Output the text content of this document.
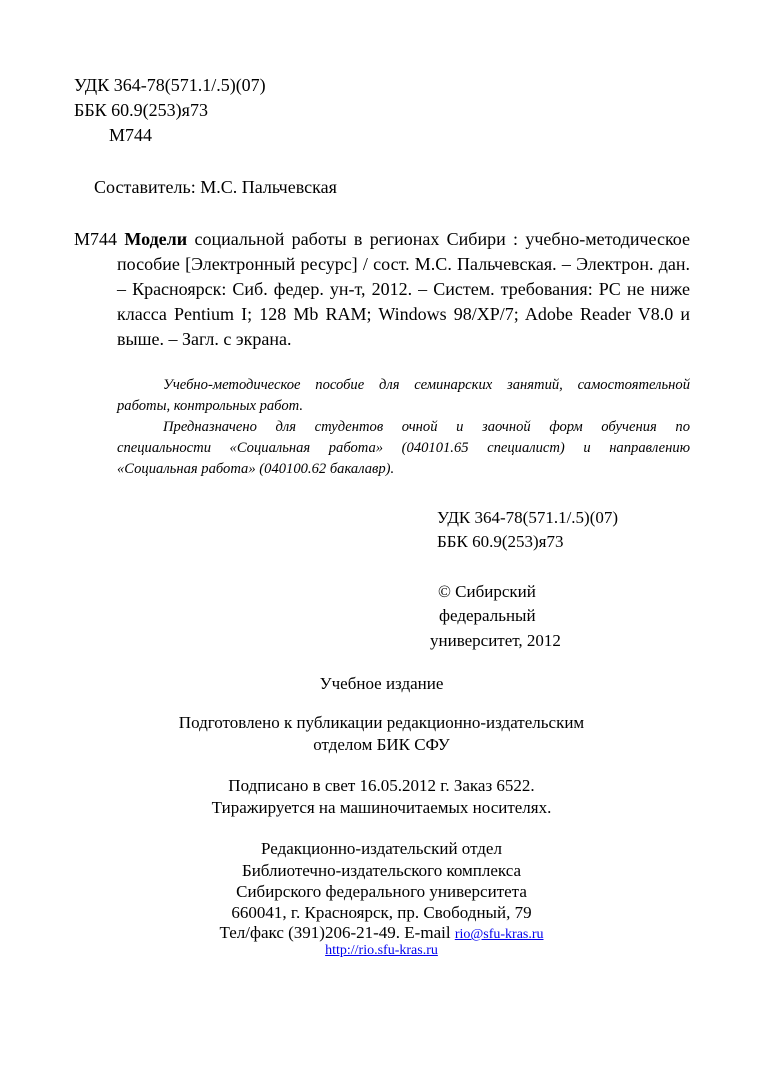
УДК 364-78(571.1/.5)(07)
ББК 60.9(253)я73
М744
Составитель: М.С. Пальчевская
М744 Модели социальной работы в регионах Сибири : учебно-методическое
пособие [Электронный ресурс] / сост. М.С. Пальчевская. – Электрон. дан.
– Красноярск: Сиб. федер. ун-т, 2012. – Систем. требования: PC не ниже
класса Pentium I; 128 Mb RAM; Windows 98/XP/7; Adobe Reader V8.0 и
выше. – Загл. с экрана.
Учебно-методическое пособие для семинарских занятий, самостоятельной
работы, контрольных работ.
Предназначено для студентов очной и заочной форм обучения по
специальности «Социальная работа» (040101.65 специалист) и направлению
«Социальная работа» (040100.62 бакалавр).
УДК 364-78(571.1/.5)(07)
ББК 60.9(253)я73
© Сибирский
федеральный
университет, 2012
Учебное издание
Подготовлено к публикации редакционно-издательским
отделом БИК СФУ
Подписано в свет 16.05.2012 г. Заказ 6522.
Тиражируется на машиночитаемых носителях.
Редакционно-издательский отдел
Библиотечно-издательского комплекса
Сибирского федерального университета
660041, г. Красноярск, пр. Свободный, 79
Тел/факс (391)206-21-49. E-mail rio@sfu-kras.ru
http://rio.sfu-kras.ru
